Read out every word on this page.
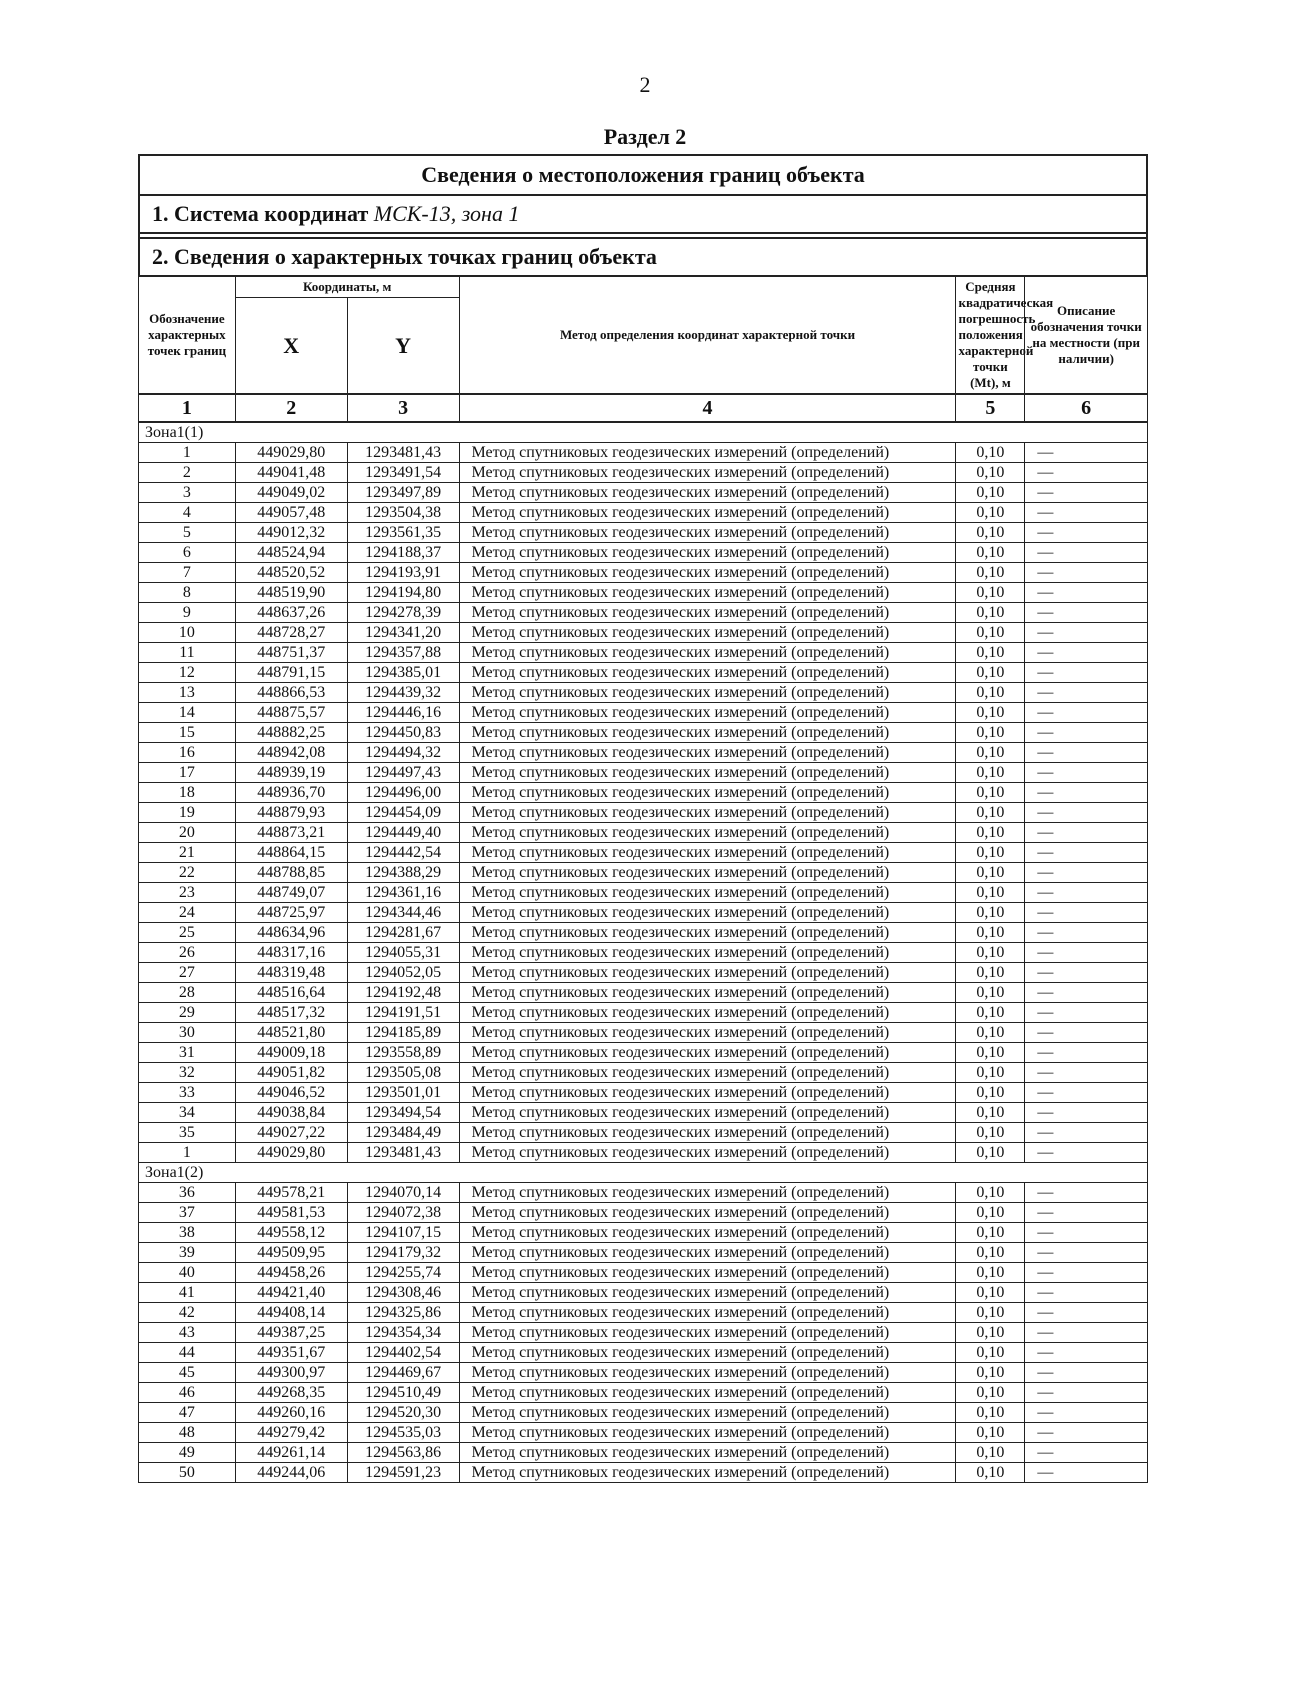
2
Раздел 2
Сведения о местоположения границ объекта
1. Система координат МСК-13, зона 1
2. Сведения о характерных точках границ объекта
Обозначение характерных точек границ	Координаты, м		Метод определения координат характерной точки	Средняя квадратическая погрешность положения характерной точки (Mt), м	Описание обозначения точки на местности (при наличии)
	X	Y			
1	2	3	4	5	6
Зона1(1)					
1	449029,80	1293481,43	Метод спутниковых геодезических измерений (определений)	0,10	—
2	449041,48	1293491,54	Метод спутниковых геодезических измерений (определений)	0,10	—
3	449049,02	1293497,89	Метод спутниковых геодезических измерений (определений)	0,10	—
4	449057,48	1293504,38	Метод спутниковых геодезических измерений (определений)	0,10	—
5	449012,32	1293561,35	Метод спутниковых геодезических измерений (определений)	0,10	—
6	448524,94	1294188,37	Метод спутниковых геодезических измерений (определений)	0,10	—
7	448520,52	1294193,91	Метод спутниковых геодезических измерений (определений)	0,10	—
8	448519,90	1294194,80	Метод спутниковых геодезических измерений (определений)	0,10	—
9	448637,26	1294278,39	Метод спутниковых геодезических измерений (определений)	0,10	—
10	448728,27	1294341,20	Метод спутниковых геодезических измерений (определений)	0,10	—
11	448751,37	1294357,88	Метод спутниковых геодезических измерений (определений)	0,10	—
12	448791,15	1294385,01	Метод спутниковых геодезических измерений (определений)	0,10	—
13	448866,53	1294439,32	Метод спутниковых геодезических измерений (определений)	0,10	—
14	448875,57	1294446,16	Метод спутниковых геодезических измерений (определений)	0,10	—
15	448882,25	1294450,83	Метод спутниковых геодезических измерений (определений)	0,10	—
16	448942,08	1294494,32	Метод спутниковых геодезических измерений (определений)	0,10	—
17	448939,19	1294497,43	Метод спутниковых геодезических измерений (определений)	0,10	—
18	448936,70	1294496,00	Метод спутниковых геодезических измерений (определений)	0,10	—
19	448879,93	1294454,09	Метод спутниковых геодезических измерений (определений)	0,10	—
20	448873,21	1294449,40	Метод спутниковых геодезических измерений (определений)	0,10	—
21	448864,15	1294442,54	Метод спутниковых геодезических измерений (определений)	0,10	—
22	448788,85	1294388,29	Метод спутниковых геодезических измерений (определений)	0,10	—
23	448749,07	1294361,16	Метод спутниковых геодезических измерений (определений)	0,10	—
24	448725,97	1294344,46	Метод спутниковых геодезических измерений (определений)	0,10	—
25	448634,96	1294281,67	Метод спутниковых геодезических измерений (определений)	0,10	—
26	448317,16	1294055,31	Метод спутниковых геодезических измерений (определений)	0,10	—
27	448319,48	1294052,05	Метод спутниковых геодезических измерений (определений)	0,10	—
28	448516,64	1294192,48	Метод спутниковых геодезических измерений (определений)	0,10	—
29	448517,32	1294191,51	Метод спутниковых геодезических измерений (определений)	0,10	—
30	448521,80	1294185,89	Метод спутниковых геодезических измерений (определений)	0,10	—
31	449009,18	1293558,89	Метод спутниковых геодезических измерений (определений)	0,10	—
32	449051,82	1293505,08	Метод спутниковых геодезических измерений (определений)	0,10	—
33	449046,52	1293501,01	Метод спутниковых геодезических измерений (определений)	0,10	—
34	449038,84	1293494,54	Метод спутниковых геодезических измерений (определений)	0,10	—
35	449027,22	1293484,49	Метод спутниковых геодезических измерений (определений)	0,10	—
1	449029,80	1293481,43	Метод спутниковых геодезических измерений (определений)	0,10	—
Зона1(2)					
36	449578,21	1294070,14	Метод спутниковых геодезических измерений (определений)	0,10	—
37	449581,53	1294072,38	Метод спутниковых геодезических измерений (определений)	0,10	—
38	449558,12	1294107,15	Метод спутниковых геодезических измерений (определений)	0,10	—
39	449509,95	1294179,32	Метод спутниковых геодезических измерений (определений)	0,10	—
40	449458,26	1294255,74	Метод спутниковых геодезических измерений (определений)	0,10	—
41	449421,40	1294308,46	Метод спутниковых геодезических измерений (определений)	0,10	—
42	449408,14	1294325,86	Метод спутниковых геодезических измерений (определений)	0,10	—
43	449387,25	1294354,34	Метод спутниковых геодезических измерений (определений)	0,10	—
44	449351,67	1294402,54	Метод спутниковых геодезических измерений (определений)	0,10	—
45	449300,97	1294469,67	Метод спутниковых геодезических измерений (определений)	0,10	—
46	449268,35	1294510,49	Метод спутниковых геодезических измерений (определений)	0,10	—
47	449260,16	1294520,30	Метод спутниковых геодезических измерений (определений)	0,10	—
48	449279,42	1294535,03	Метод спутниковых геодезических измерений (определений)	0,10	—
49	449261,14	1294563,86	Метод спутниковых геодезических измерений (определений)	0,10	—
50	449244,06	1294591,23	Метод спутниковых геодезических измерений (определений)	0,10	—
